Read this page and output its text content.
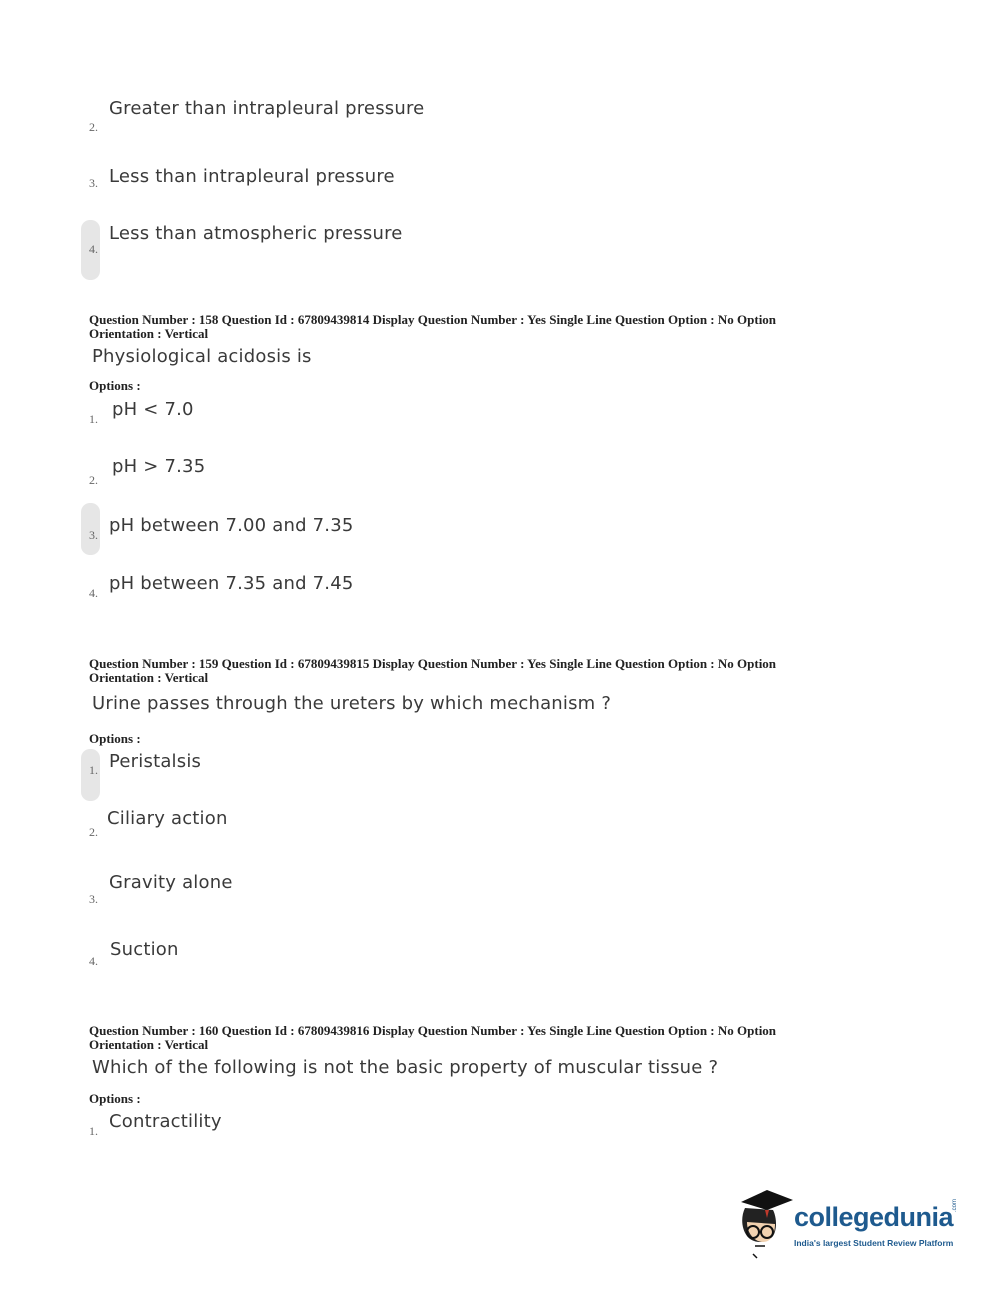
2.
Greater than intrapleural pressure
3. Less than intrapleural pressure
4.
Less than atmospheric pressure
Question Number : 158 Question Id : 67809439814 Display Question Number : Yes Single Line Question Option : No Option
Orientation : Vertical
Physiological acidosis is
Options :
1. pH < 7.0
2.
pH > 7.35
3. pH between 7.00 and 7.35
4. pH between 7.35 and 7.45
Question Number : 159 Question Id : 67809439815 Display Question Number : Yes Single Line Question Option : No Option
Orientation : Vertical
Urine passes through the ureters by which mechanism ?
Options :
1. Peristalsis
2.
Ciliary action
3.
Gravity alone
4.
Suction
Question Number : 160 Question Id : 67809439816 Display Question Number : Yes Single Line Question Option : No Option
Orientation : Vertical
Which of the following is not the basic property of muscular tissue ?
Options :
1. Contractility
collegedunia
.com
India's largest Student Review Platform
